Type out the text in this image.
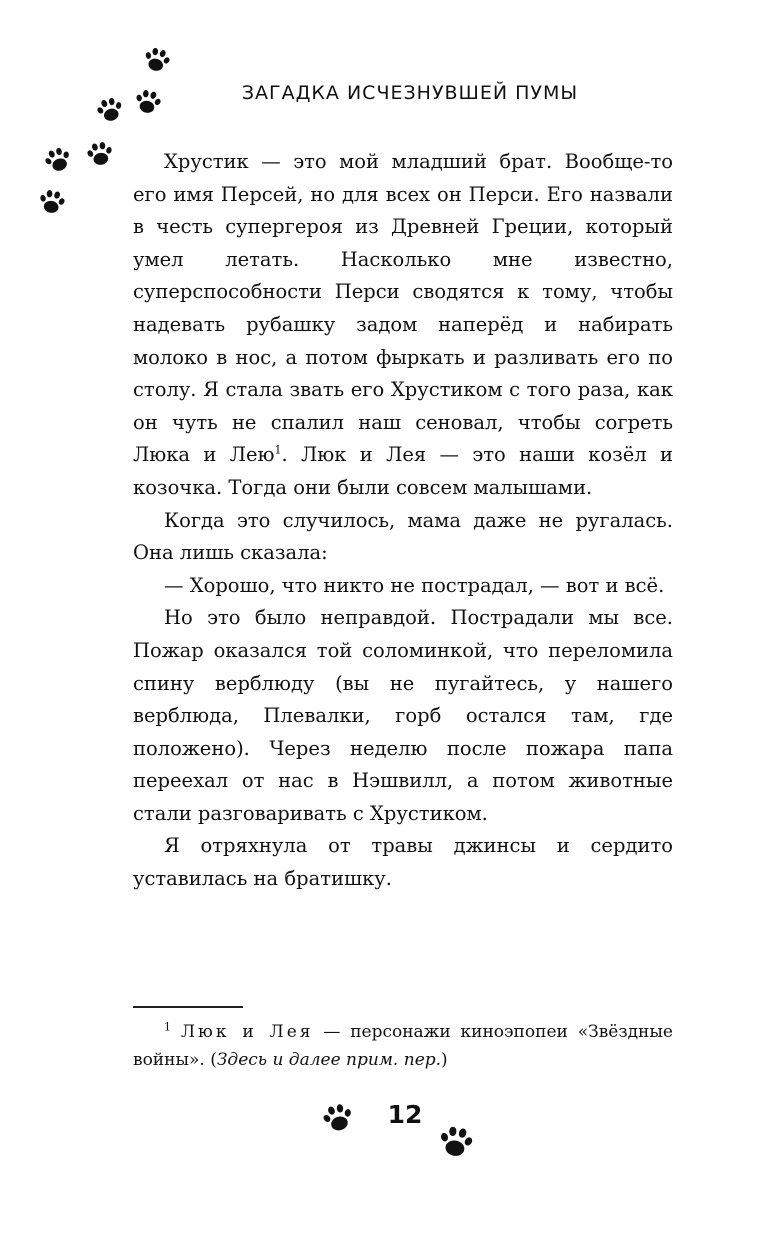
ЗАГАДКА ИСЧЕЗНУВШЕЙ ПУМЫ

Хрустик — это мой младший брат. Вообще-то его имя Персей, но для всех он Перси. Его назвали в честь супергероя из Древней Греции, который умел летать. Насколько мне известно, суперспособности Перси сводятся к тому, чтобы надевать рубашку задом наперёд и набирать молоко в нос, а потом фыркать и разливать его по столу. Я стала звать его Хрустиком с того раза, как он чуть не спалил наш сеновал, чтобы согреть Люка и Лею$^1$. Люк и Лея — это наши козёл и козочка. Тогда они были совсем малышами.

Когда это случилось, мама даже не ругалась. Она лишь сказала:

— Хорошо, что никто не пострадал, — вот и всё.

Но это было неправдой. Пострадали мы все. Пожар оказался той соломинкой, что переломила спину верблюду (вы не пугайтесь, у нашего верблюда, Плевалки, горб остался там, где положено). Через неделю после пожара папа переехал от нас в Нэшвилл, а потом животные стали разговаривать с Хрустиком.

Я отряхнула от травы джинсы и сердито уставилась на братишку.

$^1$ Люк и Лея — персонажи киноэпопеи «Звёздные войны». (Здесь и далее прим. пер.)

12
